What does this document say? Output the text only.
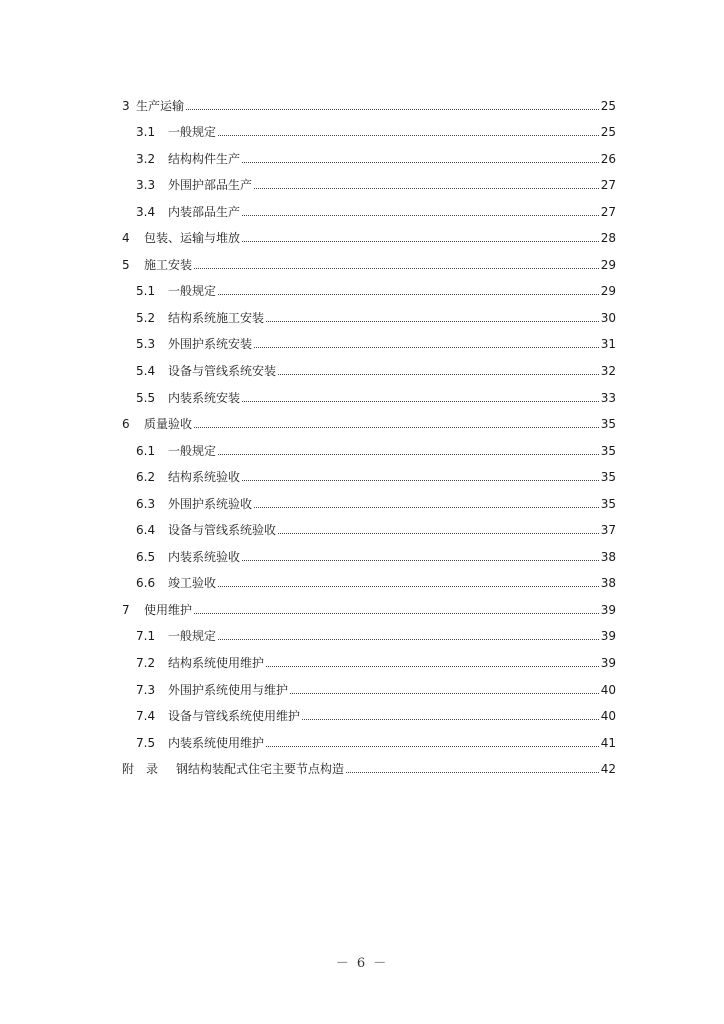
3 生产运输	25
3.1	一般规定	25
3.2	结构构件生产	26
3.3	外围护部品生产	27
3.4	内装部品生产	27
4	包装、运输与堆放	28
5	施工安装	29
5.1	一般规定	29
5.2	结构系统施工安装	30
5.3	外围护系统安装	31
5.4	设备与管线系统安装	32
5.5	内装系统安装	33
6	质量验收	35
6.1	一般规定	35
6.2	结构系统验收	35
6.3	外围护系统验收	35
6.4	设备与管线系统验收	37
6.5	内装系统验收	38
6.6	竣工验收	38
7	使用维护	39
7.1	一般规定	39
7.2	结构系统使用维护	39
7.3	外围护系统使用与维护	40
7.4	设备与管线系统使用维护	40
7.5	内装系统使用维护	41
附　录	钢结构装配式住宅主要节点构造	42
－ 6 －
